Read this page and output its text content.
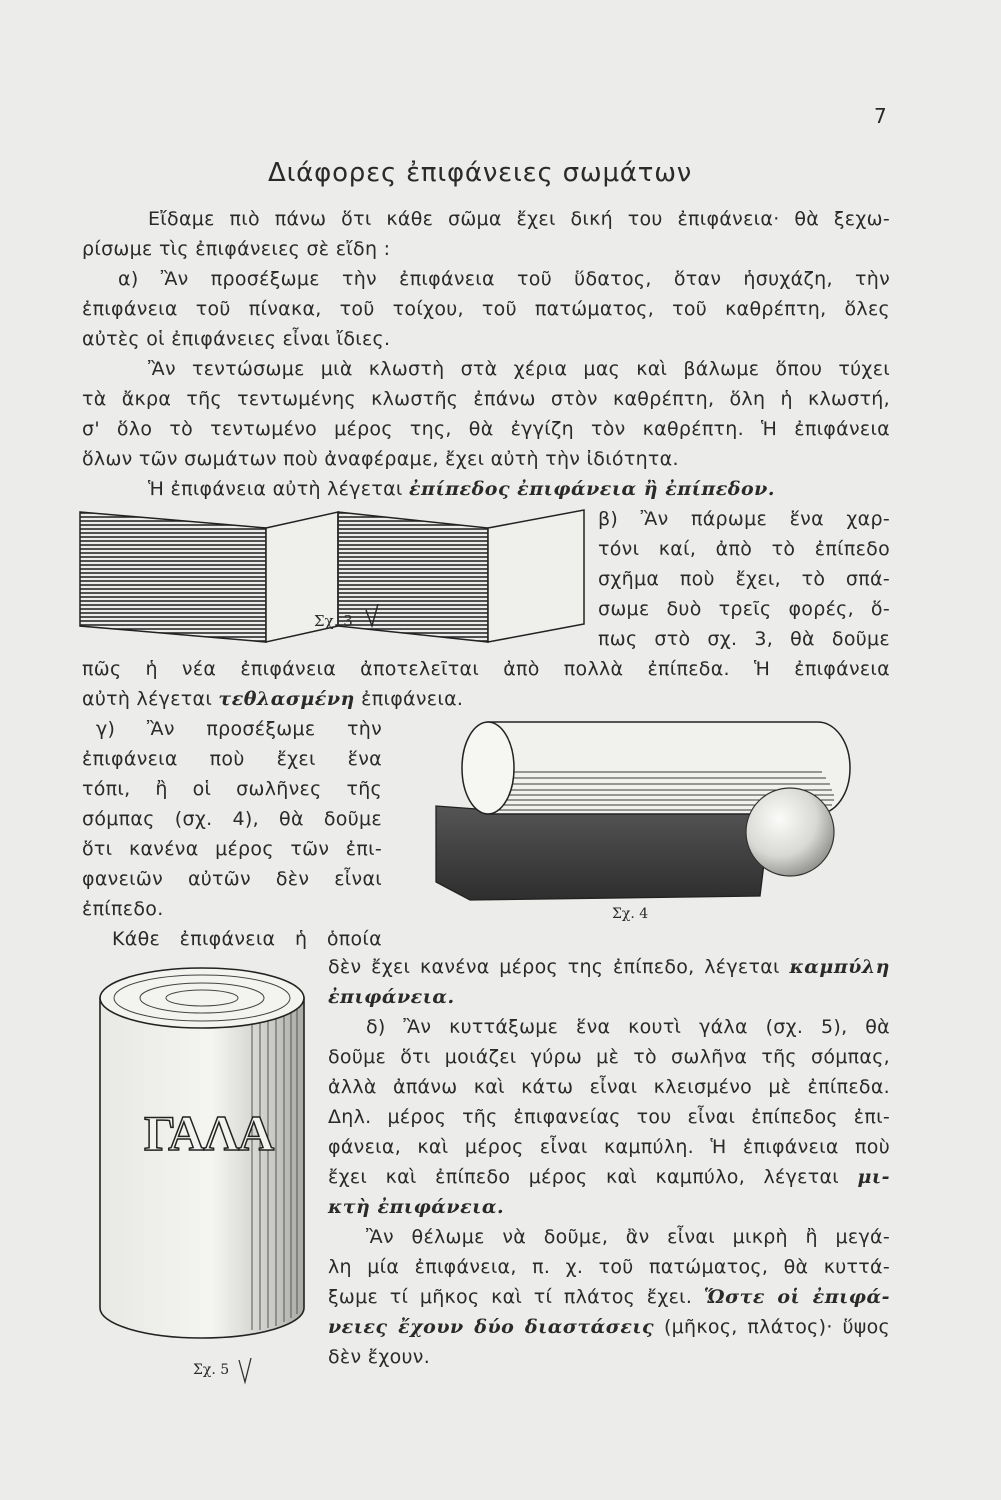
7
Διάφορες ἐπιφάνειες σωμάτων
Εἴδαμε πιὸ πάνω ὅτι κάθε σῶμα ἔχει δική του ἐπιφάνεια· θὰ ξεχω-
ρίσωμε τὶς ἐπιφάνειες σὲ εἴδη :
α) Ἂν προσέξωμε τὴν ἐπιφάνεια τοῦ ὕδατος, ὅταν ἡσυχάζη, τὴν
ἐπιφάνεια τοῦ πίνακα, τοῦ τοίχου, τοῦ πατώματος, τοῦ καθρέπτη, ὅλες
αὐτὲς οἱ ἐπιφάνειες εἶναι ἴδιες.
Ἂν τεντώσωμε μιὰ κλωστὴ στὰ χέρια μας καὶ βάλωμε ὅπου τύχει
τὰ ἄκρα τῆς τεντωμένης κλωστῆς ἐπάνω στὸν καθρέπτη, ὅλη ἡ κλωστή,
σ' ὅλο τὸ τεντωμένο μέρος της, θὰ ἐγγίζη τὸν καθρέπτη. Ἡ ἐπιφάνεια
ὅλων τῶν σωμάτων ποὺ ἀναφέραμε, ἔχει αὐτὴ τὴν ἰδιότητα.
Ἡ ἐπιφάνεια αὐτὴ λέγεται ἐπίπεδος ἐπιφάνεια ἢ ἐπίπεδον.
Σχ. 3
β) Ἂν πάρωμε ἕνα χαρ-
τόνι καί, ἀπὸ τὸ ἐπίπεδο
σχῆμα ποὺ ἔχει, τὸ σπά-
σωμε δυὸ τρεῖς φορές, ὅ-
πως στὸ σχ. 3, θὰ δοῦμε
πῶς ἡ νέα ἐπιφάνεια ἀποτελεῖται ἀπὸ πολλὰ ἐπίπεδα. Ἡ ἐπιφάνεια
αὐτὴ λέγεται τεθλασμένη ἐπιφάνεια.
γ) Ἂν προσέξωμε τὴν
ἐπιφάνεια ποὺ ἔχει ἕνα
τόπι, ἢ οἱ σωλῆνες τῆς
σόμπας (σχ. 4), θὰ δοῦμε
ὅτι κανένα μέρος τῶν ἐπι-
φανειῶν αὐτῶν δὲν εἶναι
ἐπίπεδο.
Κάθε ἐπιφάνεια ἡ ὁποία
Σχ. 4
ΓΑΛΑ
Σχ. 5
δὲν ἔχει κανένα μέρος της ἐπίπεδο, λέγεται καμπύλη
ἐπιφάνεια.
δ) Ἂν κυττάξωμε ἕνα κουτὶ γάλα (σχ. 5), θὰ
δοῦμε ὅτι μοιάζει γύρω μὲ τὸ σωλῆνα τῆς σόμπας,
ἀλλὰ ἀπάνω καὶ κάτω εἶναι κλεισμένο μὲ ἐπίπεδα.
Δηλ. μέρος τῆς ἐπιφανείας του εἶναι ἐπίπεδος ἐπι-
φάνεια, καὶ μέρος εἶναι καμπύλη. Ἡ ἐπιφάνεια ποὺ
ἔχει καὶ ἐπίπεδο μέρος καὶ καμπύλο, λέγεται μι-
κτὴ ἐπιφάνεια.
Ἂν θέλωμε νὰ δοῦμε, ἂν εἶναι μικρὴ ἢ μεγά-
λη μία ἐπιφάνεια, π. χ. τοῦ πατώματος, θὰ κυττά-
ξωμε τί μῆκος καὶ τί πλάτος ἔχει. Ὥστε οἱ ἐπιφά-
νειες ἔχουν δύο διαστάσεις (μῆκος, πλάτος)· ὕψος
δὲν ἔχουν.
